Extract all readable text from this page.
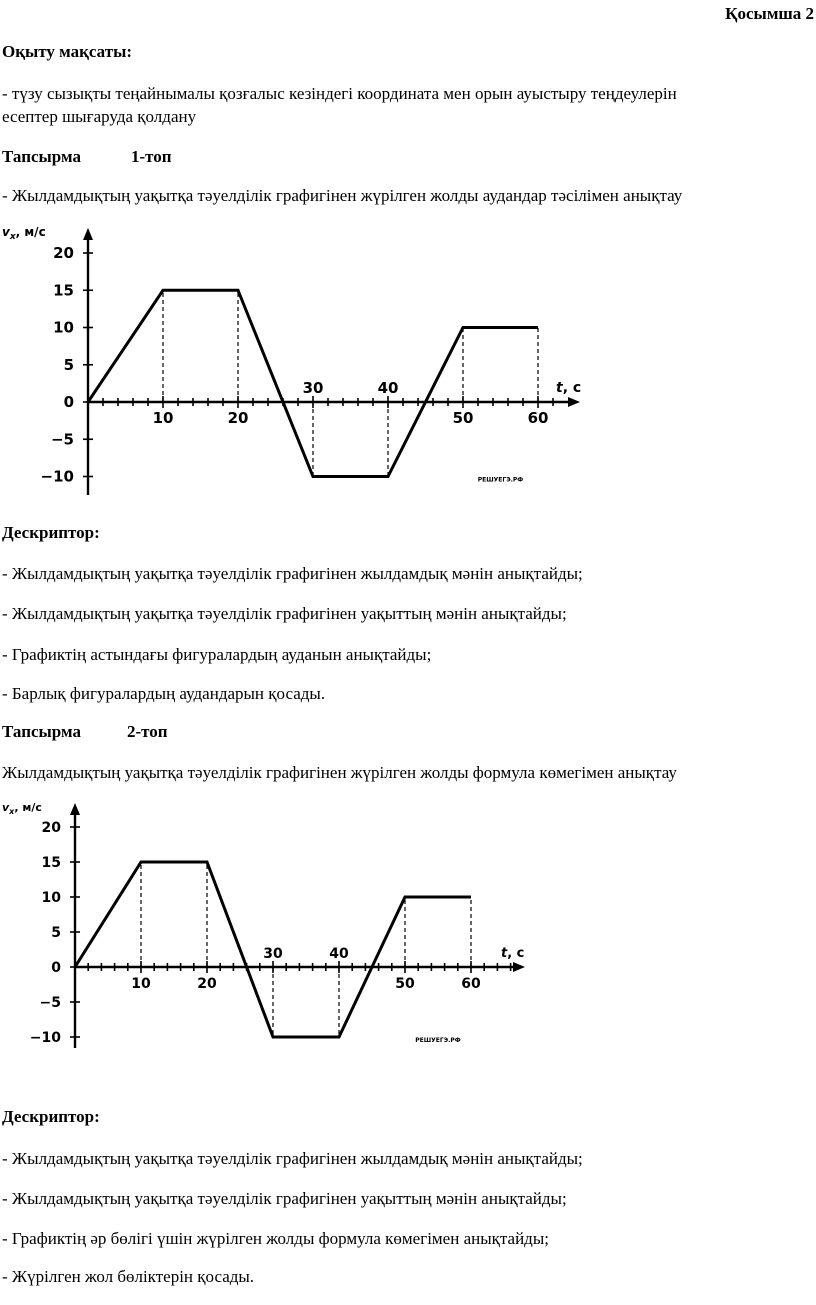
Қосымша 2
Оқыту мақсаты:
- түзу сызықты теңайнымалы қозғалыс кезіндегі координата мен орын ауыстыру теңдеулерін
есептер шығаруда қолдану
Тапсырма	1-топ
- Жылдамдықтың уақытқа тәуелділік графигінен жүрілген жолды аудандар тәсілімен анықтау
20
15
10
5
0
−5
−10
10	20
30	40
50	60
$v_x$, м/с
t, с
РЕШУЕГЭ.РФ
Дескриптор:
- Жылдамдықтың уақытқа тәуелділік графигінен жылдамдық мәнін анықтайды;
- Жылдамдықтың уақытқа тәуелділік графигінен уақыттың мәнін анықтайды;
- Графиктің астындағы фигуралардың ауданын анықтайды;
- Барлық фигуралардың аудандарын қосады.
Тапсырма	2-топ
Жылдамдықтың уақытқа тәуелділік графигінен жүрілген жолды формула көмегімен анықтау
20
15
10
5
0
−5
−10
10	20
30	40
50	60
$v_x$, м/с
t, с
РЕШУЕГЭ.РФ
Дескриптор:
- Жылдамдықтың уақытқа тәуелділік графигінен жылдамдық мәнін анықтайды;
- Жылдамдықтың уақытқа тәуелділік графигінен уақыттың мәнін анықтайды;
- Графиктің әр бөлігі үшін жүрілген жолды формула көмегімен анықтайды;
- Жүрілген жол бөліктерін қосады.
